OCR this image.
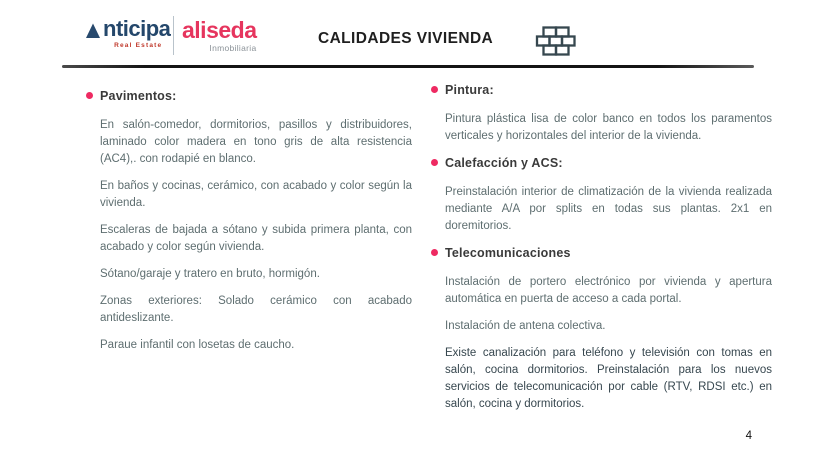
nticipa
Real Estate
aliseda
Inmobiliaria
CALIDADES VIVIENDA
Pavimentos:

En salón-comedor, dormitorios, pasillos y distribuidores, laminado color madera en tono gris de alta resistencia (AC4),. con rodapié en blanco.

En baños y cocinas, cerámico, con acabado y color según la vivienda.

Escaleras de bajada a sótano y subida primera planta, con acabado y color según vivienda.

Sótano/garaje y tratero en bruto, hormigón.

Zonas exteriores: Solado cerámico con acabado antideslizante.

Paraue infantil con losetas de caucho.

Pintura:

Pintura plástica lisa de color banco en todos los paramentos verticales y horizontales del interior de la vivienda.

Calefacción y ACS:

Preinstalación interior de climatización de la vivienda realizada mediante A/A por splits en todas sus plantas. 2x1 en doremitorios.

Telecomunicaciones

Instalación de portero electrónico por vivienda y apertura automática en puerta de acceso a cada portal.

Instalación de antena colectiva.

Existe canalización para teléfono y televisión con tomas en salón, cocina dormitorios. Preinstalación para los nuevos servicios de telecomunicación por cable (RTV, RDSI etc.) en salón, cocina y dormitorios.

4
